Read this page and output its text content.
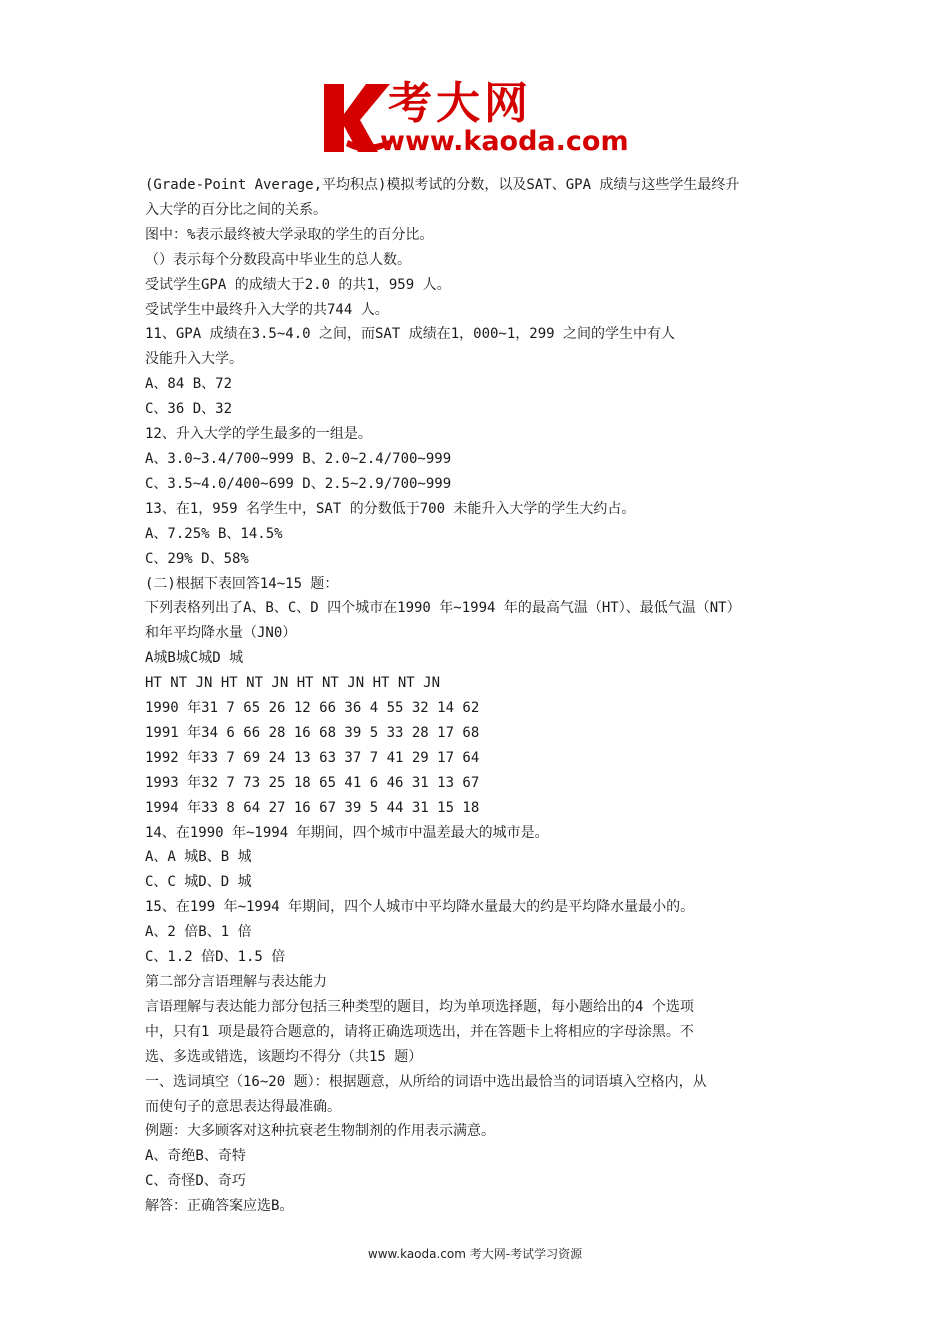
考大网
www.kaoda.com

(Grade-Point Average,平均积点)模拟考试的分数，以及SAT、GPA 成绩与这些学生最终升

入大学的百分比之间的关系。

图中：%表示最终被大学录取的学生的百分比。

（）表示每个分数段高中毕业生的总人数。

受试学生GPA 的成绩大于2.0 的共1，959 人。

受试学生中最终升入大学的共744 人。

11、GPA 成绩在3.5~4.0 之间，而SAT 成绩在1，000~1，299 之间的学生中有人

没能升入大学。

A、84 B、72

C、36 D、32

12、升入大学的学生最多的一组是。

A、3.0~3.4/700~999 B、2.0~2.4/700~999

C、3.5~4.0/400~699 D、2.5~2.9/700~999

13、在1，959 名学生中，SAT 的分数低于700 未能升入大学的学生大约占。

A、7.25% B、14.5%

C、29% D、58%

(二)根据下表回答14~15 题：

下列表格列出了A、B、C、D 四个城市在1990 年~1994 年的最高气温（HT）、最低气温（NT）

和年平均降水量（JN0）

A城B城C城D 城

HT NT JN HT NT JN HT NT JN HT NT JN

1990 年31 7 65 26 12 66 36 4 55 32 14 62

1991 年34 6 66 28 16 68 39 5 33 28 17 68

1992 年33 7 69 24 13 63 37 7 41 29 17 64

1993 年32 7 73 25 18 65 41 6 46 31 13 67

1994 年33 8 64 27 16 67 39 5 44 31 15 18

14、在1990 年~1994 年期间，四个城市中温差最大的城市是。

A、A 城B、B 城

C、C 城D、D 城

15、在199 年~1994 年期间，四个人城市中平均降水量最大的约是平均降水量最小的。

A、2 倍B、1 倍

C、1.2 倍D、1.5 倍

第二部分言语理解与表达能力

言语理解与表达能力部分包括三种类型的题目，均为单项选择题，每小题给出的4 个选项

中，只有1 项是最符合题意的，请将正确选项选出，并在答题卡上将相应的字母涂黑。不

选、多选或错选，该题均不得分（共15 题）

一、选词填空（16~20 题）：根据题意，从所给的词语中选出最恰当的词语填入空格内，从

而使句子的意思表达得最准确。

例题：大多顾客对这种抗衰老生物制剂的作用表示满意。

A、奇绝B、奇特

C、奇怪D、奇巧

解答：正确答案应选B。

www.kaoda.com 考大网-考试学习资源
